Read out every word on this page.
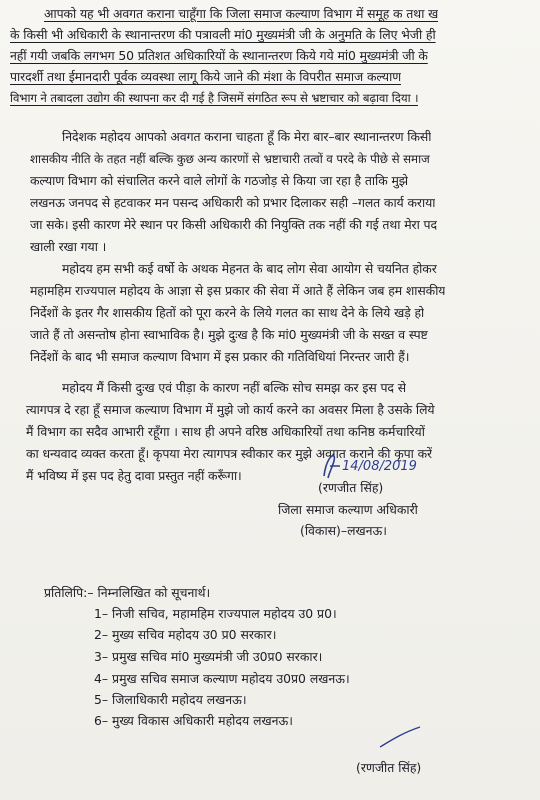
आपको यह भी अवगत कराना चाहूँगा कि जिला समाज कल्याण विभाग में समूह क तथा ख
के किसी भी अधिकारी के स्थानान्तरण की पत्रावली मां0 मुख्यमंत्री जी के अनुमति के लिए भेजी ही
नहीं गयी जबकि लगभग 50 प्रतिशत अधिकारियों के स्थानान्तरण किये गये मां0 मुख्यमंत्री जी के
पारदर्शी तथा ईमानदारी पूर्वक व्यवस्था लागू किये जाने की मंशा के विपरीत समाज कल्याण
विभाग ने तबादला उद्योग की स्थापना कर दी गई है जिसमें संगठित रूप से भ्रष्टाचार को बढ़ावा दिया ।
निदेशक महोदय आपको अवगत कराना चाहता हूँ कि मेरा बार–बार स्थानान्तरण किसी
शासकीय नीति के तहत नहीं बल्कि कुछ अन्य कारणों से भ्रष्टाचारी तत्वों व परदे के पीछे से समाज
कल्याण विभाग को संचालित करने वाले लोगों के गठजोड़ से किया जा रहा है ताकि मुझे
लखनऊ जनपद से हटवाकर मन पसन्द अधिकारी को प्रभार दिलाकर सही –गलत कार्य कराया
जा सके। इसी कारण मेरे स्थान पर किसी अधिकारी की नियुक्ति तक नहीं की गई तथा मेरा पद
खाली रखा गया ।
महोदय हम सभी कई वर्षो के अथक मेहनत के बाद लोग सेवा आयोग से चयनित होकर
महामहिम राज्यपाल महोदय के आज्ञा से इस प्रकार की सेवा में आते हैं लेकिन जब हम शासकीय
निर्देशों के इतर गैर शासकीय हितों को पूरा करने के लिये गलत का साथ देने के लिये खड़े हो
जाते हैं तो असन्तोष होना स्वाभाविक है। मुझे दुःख है कि मां0 मुख्यमंत्री जी के सख्त व स्पष्ट
निर्देशों के बाद भी समाज कल्याण विभाग में इस प्रकार की गतिविधियां निरन्तर जारी हैं।
महोदय मैं किसी दुःख एवं पीड़ा के कारण नहीं बल्कि सोच समझ कर इस पद से
त्यागपत्र दे रहा हूँ समाज कल्याण विभाग में मुझे जो कार्य करने का अवसर मिला है उसके लिये
मैं विभाग का सदैव आभारी रहूँगा । साथ ही अपने वरिष्ठ अधिकारियों तथा कनिष्ठ कर्मचारियों
का धन्यवाद व्यक्त करता हूँ। कृपया मेरा त्यागपत्र स्वीकार कर मुझे अवगत कराने की कृपा करें
मैं भविष्य में इस पद हेतु दावा प्रस्तुत नहीं करूँगा।
14/08/2019
(रणजीत सिंह)
जिला समाज कल्याण अधिकारी
(विकास)–लखनऊ।
प्रतिलिपि:– निम्नलिखित को सूचनार्थ।
1– निजी सचिव, महामहिम राज्यपाल महोदय उ0 प्र0।
2– मुख्य सचिव महोदय उ0 प्र0 सरकार।
3– प्रमुख सचिव मां0 मुख्यमंत्री जी उ0प्र0 सरकार।
4– प्रमुख सचिव समाज कल्याण महोदय उ0प्र0 लखनऊ।
5– जिलाधिकारी महोदय लखनऊ।
6– मुख्य विकास अधिकारी महोदय लखनऊ।
(रणजीत सिंह)
